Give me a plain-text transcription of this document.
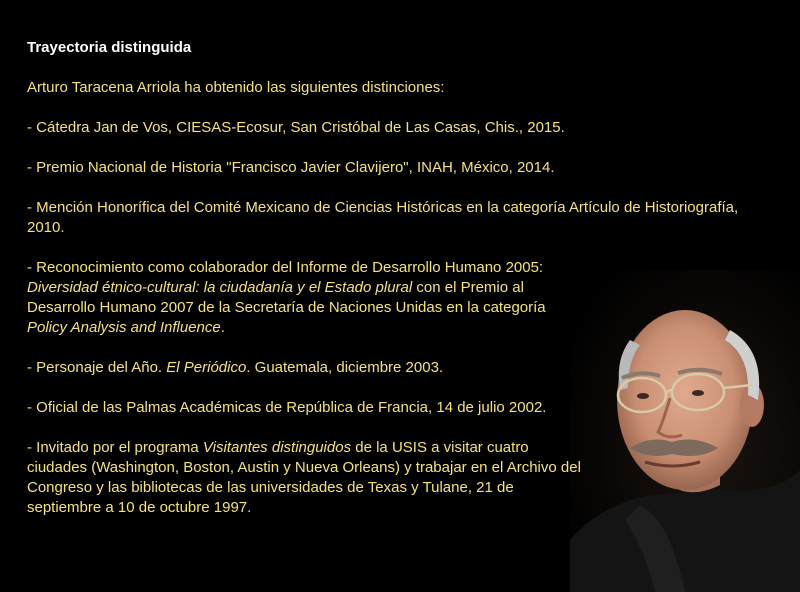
Trayectoria distinguida
Arturo Taracena Arriola ha obtenido las siguientes distinciones:
- Cátedra Jan de Vos, CIESAS-Ecosur, San Cristóbal de Las Casas, Chis., 2015.
- Premio Nacional de Historia "Francisco Javier Clavijero", INAH, México, 2014.
- Mención Honorífica del Comité Mexicano de Ciencias Históricas en la categoría Artículo de Historiografía, 2010.
- Reconocimiento como colaborador del Informe de Desarrollo Humano 2005:
Diversidad étnico-cultural: la ciudadanía y el Estado plural con el Premio al Desarrollo Humano 2007 de la Secretaría de Naciones Unidas en la categoría Policy Analysis and Influence.
- Personaje del Año. El Periódico. Guatemala, diciembre 2003.
- Oficial de las Palmas Académicas de República de Francia, 14 de julio 2002.
- Invitado por el programa Visitantes distinguidos de la USIS a visitar cuatro ciudades (Washington, Boston, Austin y Nueva Orleans) y trabajar en el Archivo del Congreso y las bibliotecas de las universidades de Texas y Tulane, 21 de septiembre a 10 de octubre 1997.
